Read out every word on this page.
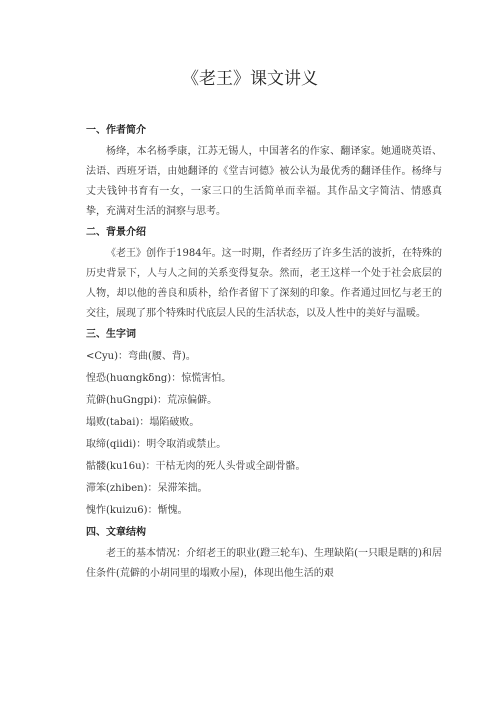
《老王》课文讲义

一、作者简介

杨绛，本名杨季康，江苏无锡人，中国著名的作家、翻译家。她通晓英语、法语、西班牙语，由她翻译的《堂吉诃德》被公认为最优秀的翻译佳作。杨绛与丈夫钱钟书育有一女，一家三口的生活简单而幸福。其作品文字简洁、情感真挚，充满对生活的洞察与思考。

二、背景介绍

《老王》创作于1984年。这一时期，作者经历了许多生活的波折，在特殊的历史背景下，人与人之间的关系变得复杂。然而，老王这样一个处于社会底层的人物，却以他的善良和质朴，给作者留下了深刻的印象。作者通过回忆与老王的交往，展现了那个特殊时代底层人民的生活状态，以及人性中的美好与温暖。

三、生字词

<Cyu)：弯曲(腰、背)。

惶恐(huαngkδng)：惊慌害怕。

荒僻(huGngpi)：荒凉偏僻。

塌败(tabai)：塌陷破败。

取缔(qiidi)：明令取消或禁止。

骷髅(ku16u)：干枯无肉的死人头骨或全副骨骼。

滞笨(zhiben)：呆滞笨拙。

愧怍(kuizu6)：惭愧。

四、文章结构

老王的基本情况：介绍老王的职业(蹬三轮车)、生理缺陷(一只眼是瞎的)和居住条件(荒僻的小胡同里的塌败小屋)，体现出他生活的艰
